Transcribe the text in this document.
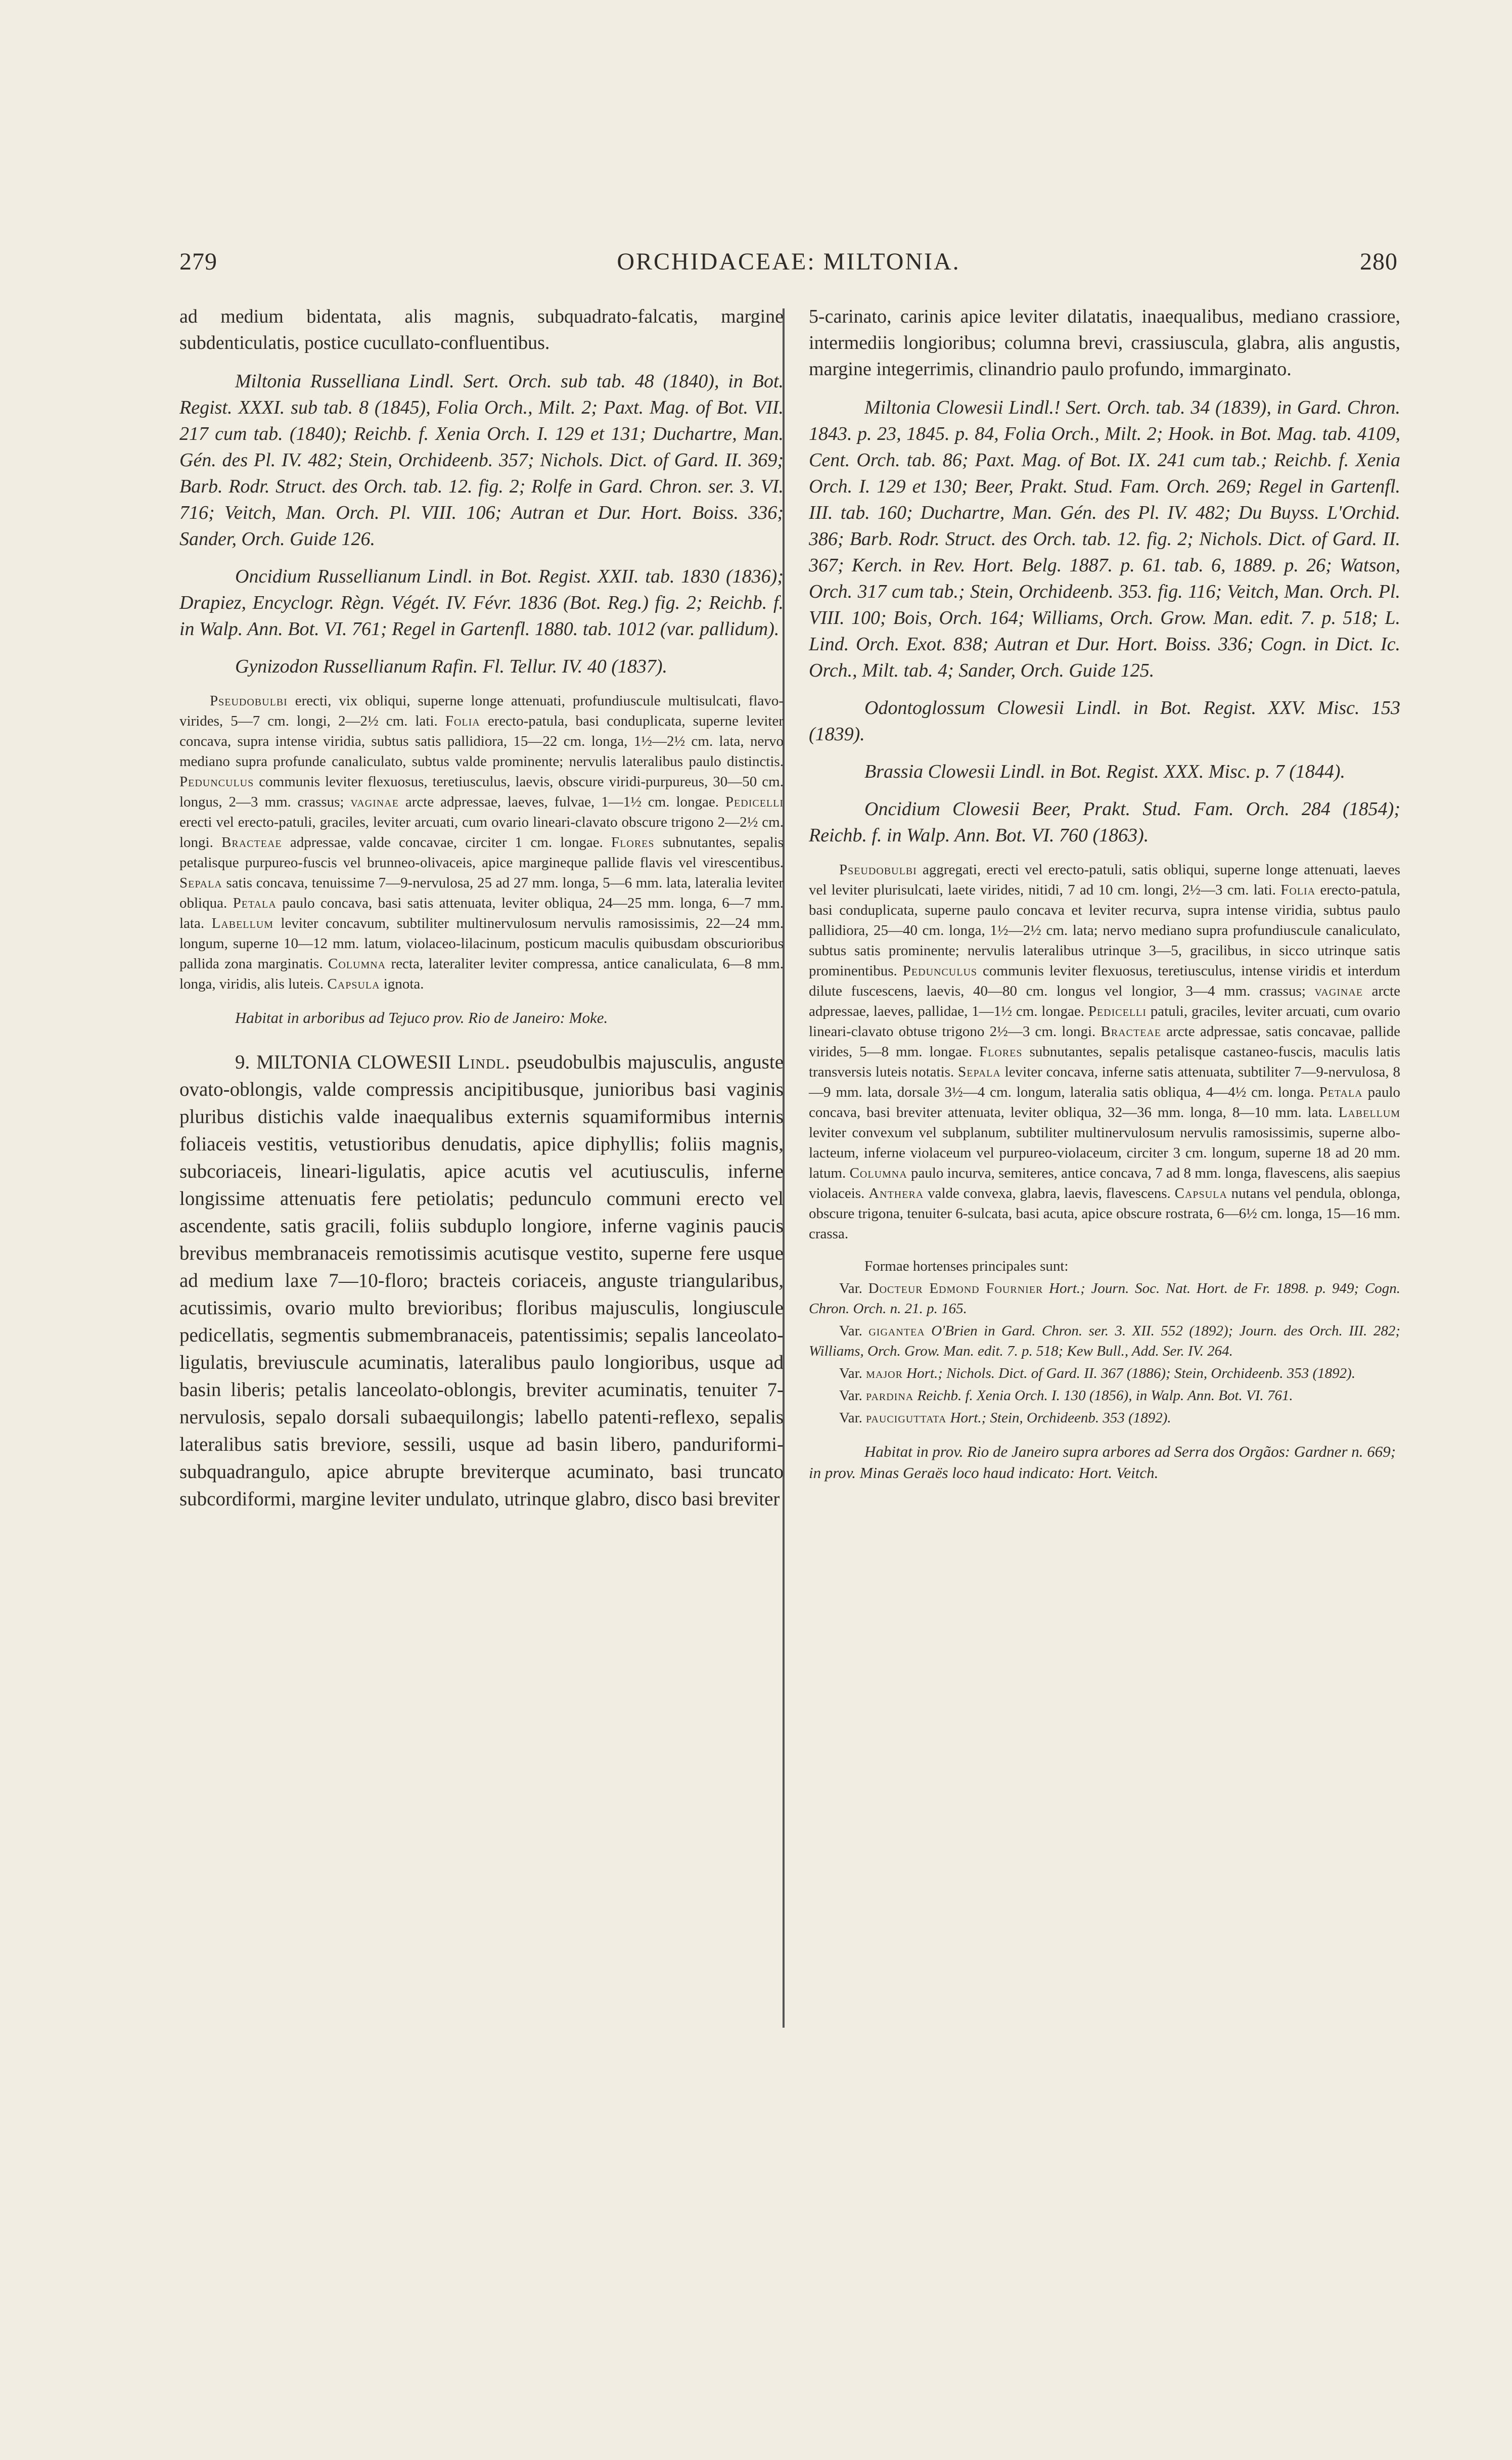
279	ORCHIDACEAE: MILTONIA.	280

ad medium bidentata, alis magnis, subquadrato-falcatis, margine subdenticulatis, postice cucullato-confluentibus.

Miltonia Russelliana Lindl. Sert. Orch. sub tab. 48 (1840), in Bot. Regist. XXXI. sub tab. 8 (1845), Folia Orch., Milt. 2; Paxt. Mag. of Bot. VII. 217 cum tab. (1840); Reichb. f. Xenia Orch. I. 129 et 131; Duchartre, Man. Gén. des Pl. IV. 482; Stein, Orchideenb. 357; Nichols. Dict. of Gard. II. 369; Barb. Rodr. Struct. des Orch. tab. 12. fig. 2; Rolfe in Gard. Chron. ser. 3. VI. 716; Veitch, Man. Orch. Pl. VIII. 106; Autran et Dur. Hort. Boiss. 336; Sander, Orch. Guide 126.

Oncidium Russellianum Lindl. in Bot. Regist. XXII. tab. 1830 (1836); Drapiez, Encyclogr. Règn. Végét. IV. Févr. 1836 (Bot. Reg.) fig. 2; Reichb. f. in Walp. Ann. Bot. VI. 761; Regel in Gartenfl. 1880. tab. 1012 (var. pallidum).

Gynizodon Russellianum Rafin. Fl. Tellur. IV. 40 (1837).

Pseudobulbi erecti, vix obliqui, superne longe attenuati, profundiuscule multisulcati, flavo-virides, 5—7 cm. longi, 2—2½ cm. lati. Folia erecto-patula, basi conduplicata, superne leviter concava, supra intense viridia, subtus satis pallidiora, 15—22 cm. longa, 1½—2½ cm. lata, nervo mediano supra profunde canaliculato, subtus valde prominente; nervulis lateralibus paulo distinctis. Pedunculus communis leviter flexuosus, teretiusculus, laevis, obscure viridi-purpureus, 30—50 cm. longus, 2—3 mm. crassus; vaginae arcte adpressae, laeves, fulvae, 1—1½ cm. longae. Pedicelli erecti vel erecto-patuli, graciles, leviter arcuati, cum ovario lineari-clavato obscure trigono 2—2½ cm. longi. Bracteae adpressae, valde concavae, circiter 1 cm. longae. Flores subnutantes, sepalis petalisque purpureo-fuscis vel brunneo-olivaceis, apice margineque pallide flavis vel virescentibus. Sepala satis concava, tenuissime 7—9-nervulosa, 25 ad 27 mm. longa, 5—6 mm. lata, lateralia leviter obliqua. Petala paulo concava, basi satis attenuata, leviter obliqua, 24—25 mm. longa, 6—7 mm. lata. Labellum leviter concavum, subtiliter multinervulosum nervulis ramosissimis, 22—24 mm. longum, superne 10—12 mm. latum, violaceo-lilacinum, posticum maculis quibusdam obscurioribus pallida zona marginatis. Columna recta, lateraliter leviter compressa, antice canaliculata, 6—8 mm. longa, viridis, alis luteis. Capsula ignota.

Habitat in arboribus ad Tejuco prov. Rio de Janeiro: Moke.

9. MILTONIA CLOWESII Lindl. pseudobulbis majusculis, anguste ovato-oblongis, valde compressis ancipitibusque, junioribus basi vaginis pluribus distichis valde inaequalibus externis squamiformibus internis foliaceis vestitis, vetustioribus denudatis, apice diphyllis; foliis magnis, subcoriaceis, lineari-ligulatis, apice acutis vel acutiusculis, inferne longissime attenuatis fere petiolatis; pedunculo communi erecto vel ascendente, satis gracili, foliis subduplo longiore, inferne vaginis paucis brevibus membranaceis remotissimis acutisque vestito, superne fere usque ad medium laxe 7—10-floro; bracteis coriaceis, anguste triangularibus, acutissimis, ovario multo brevioribus; floribus majusculis, longiuscule pedicellatis, segmentis submembranaceis, patentissimis; sepalis lanceolato-ligulatis, breviuscule acuminatis, lateralibus paulo longioribus, usque ad basin liberis; petalis lanceolato-oblongis, breviter acuminatis, tenuiter 7-nervulosis, sepalo dorsali subaequilongis; labello patenti-reflexo, sepalis lateralibus satis breviore, sessili, usque ad basin libero, panduriformi-subquadrangulo, apice abrupte breviterque acuminato, basi truncato subcordiformi, margine leviter undulato, utrinque glabro, disco basi breviter

5-carinato, carinis apice leviter dilatatis, inaequalibus, mediano crassiore, intermediis longioribus; columna brevi, crassiuscula, glabra, alis angustis, margine integerrimis, clinandrio paulo profundo, immarginato.

Miltonia Clowesii Lindl.! Sert. Orch. tab. 34 (1839), in Gard. Chron. 1843. p. 23, 1845. p. 84, Folia Orch., Milt. 2; Hook. in Bot. Mag. tab. 4109, Cent. Orch. tab. 86; Paxt. Mag. of Bot. IX. 241 cum tab.; Reichb. f. Xenia Orch. I. 129 et 130; Beer, Prakt. Stud. Fam. Orch. 269; Regel in Gartenfl. III. tab. 160; Duchartre, Man. Gén. des Pl. IV. 482; Du Buyss. L'Orchid. 386; Barb. Rodr. Struct. des Orch. tab. 12. fig. 2; Nichols. Dict. of Gard. II. 367; Kerch. in Rev. Hort. Belg. 1887. p. 61. tab. 6, 1889. p. 26; Watson, Orch. 317 cum tab.; Stein, Orchideenb. 353. fig. 116; Veitch, Man. Orch. Pl. VIII. 100; Bois, Orch. 164; Williams, Orch. Grow. Man. edit. 7. p. 518; L. Lind. Orch. Exot. 838; Autran et Dur. Hort. Boiss. 336; Cogn. in Dict. Ic. Orch., Milt. tab. 4; Sander, Orch. Guide 125.

Odontoglossum Clowesii Lindl. in Bot. Regist. XXV. Misc. 153 (1839).

Brassia Clowesii Lindl. in Bot. Regist. XXX. Misc. p. 7 (1844).

Oncidium Clowesii Beer, Prakt. Stud. Fam. Orch. 284 (1854); Reichb. f. in Walp. Ann. Bot. VI. 760 (1863).

Pseudobulbi aggregati, erecti vel erecto-patuli, satis obliqui, superne longe attenuati, laeves vel leviter plurisulcati, laete virides, nitidi, 7 ad 10 cm. longi, 2½—3 cm. lati. Folia erecto-patula, basi conduplicata, superne paulo concava et leviter recurva, supra intense viridia, subtus paulo pallidiora, 25—40 cm. longa, 1½—2½ cm. lata; nervo mediano supra profundiuscule canaliculato, subtus satis prominente; nervulis lateralibus utrinque 3—5, gracilibus, in sicco utrinque satis prominentibus. Pedunculus communis leviter flexuosus, teretiusculus, intense viridis et interdum dilute fuscescens, laevis, 40—80 cm. longus vel longior, 3—4 mm. crassus; vaginae arcte adpressae, laeves, pallidae, 1—1½ cm. longae. Pedicelli patuli, graciles, leviter arcuati, cum ovario lineari-clavato obtuse trigono 2½—3 cm. longi. Bracteae arcte adpressae, satis concavae, pallide virides, 5—8 mm. longae. Flores subnutantes, sepalis petalisque castaneo-fuscis, maculis latis transversis luteis notatis. Sepala leviter concava, inferne satis attenuata, subtiliter 7—9-nervulosa, 8—9 mm. lata, dorsale 3½—4 cm. longum, lateralia satis obliqua, 4—4½ cm. longa. Petala paulo concava, basi breviter attenuata, leviter obliqua, 32—36 mm. longa, 8—10 mm. lata. Labellum leviter convexum vel subplanum, subtiliter multinervulosum nervulis ramosissimis, superne albo-lacteum, inferne violaceum vel purpureo-violaceum, circiter 3 cm. longum, superne 18 ad 20 mm. latum. Columna paulo incurva, semiteres, antice concava, 7 ad 8 mm. longa, flavescens, alis saepius violaceis. Anthera valde convexa, glabra, laevis, flavescens. Capsula nutans vel pendula, oblonga, obscure trigona, tenuiter 6-sulcata, basi acuta, apice obscure rostrata, 6—6½ cm. longa, 15—16 mm. crassa.

Formae hortenses principales sunt:

Var. Docteur Edmond Fournier Hort.; Journ. Soc. Nat. Hort. de Fr. 1898. p. 949; Cogn. Chron. Orch. n. 21. p. 165.

Var. gigantea O'Brien in Gard. Chron. ser. 3. XII. 552 (1892); Journ. des Orch. III. 282; Williams, Orch. Grow. Man. edit. 7. p. 518; Kew Bull., Add. Ser. IV. 264.

Var. major Hort.; Nichols. Dict. of Gard. II. 367 (1886); Stein, Orchideenb. 353 (1892).

Var. pardina Reichb. f. Xenia Orch. I. 130 (1856), in Walp. Ann. Bot. VI. 761.

Var. pauciguttata Hort.; Stein, Orchideenb. 353 (1892).

Habitat in prov. Rio de Janeiro supra arbores ad Serra dos Orgãos: Gardner n. 669; in prov. Minas Geraës loco haud indicato: Hort. Veitch.
